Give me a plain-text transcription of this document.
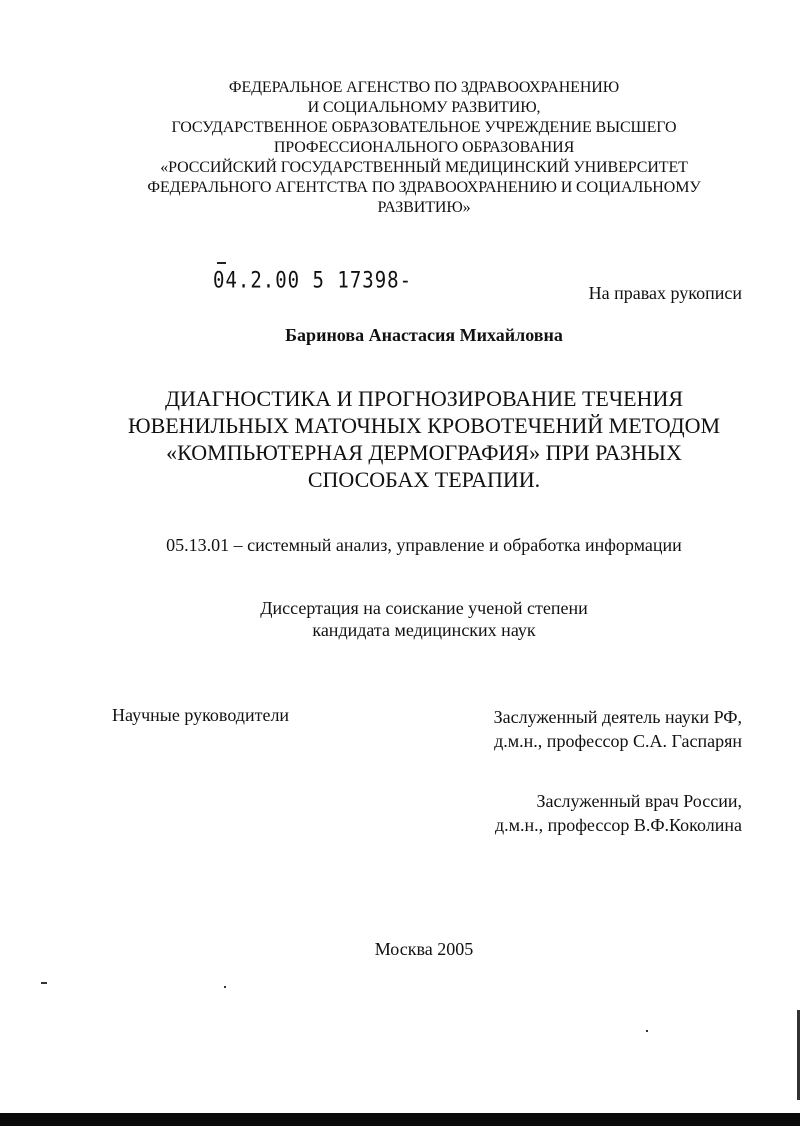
ФЕДЕРАЛЬНОЕ АГЕНСТВО ПО ЗДРАВООХРАНЕНИЮ
И СОЦИАЛЬНОМУ РАЗВИТИЮ,
ГОСУДАРСТВЕННОЕ ОБРАЗОВАТЕЛЬНОЕ УЧРЕЖДЕНИЕ ВЫСШЕГО
ПРОФЕССИОНАЛЬНОГО ОБРАЗОВАНИЯ
«РОССИЙСКИЙ ГОСУДАРСТВЕННЫЙ МЕДИЦИНСКИЙ УНИВЕРСИТЕТ
ФЕДЕРАЛЬНОГО АГЕНТСТВА ПО ЗДРАВООХРАНЕНИЮ И СОЦИАЛЬНОМУ
РАЗВИТИЮ»
04.2.00 5 17398-	На правах рукописи
Баринова Анастасия Михайловна
ДИАГНОСТИКА И ПРОГНОЗИРОВАНИЕ ТЕЧЕНИЯ
ЮВЕНИЛЬНЫХ МАТОЧНЫХ КРОВОТЕЧЕНИЙ МЕТОДОМ
«КОМПЬЮТЕРНАЯ ДЕРМОГРАФИЯ» ПРИ РАЗНЫХ
СПОСОБАХ ТЕРАПИИ.
05.13.01 – системный анализ, управление и обработка информации
Диссертация на соискание ученой степени
кандидата медицинских наук
Научные руководители	Заслуженный деятель науки РФ,
д.м.н., профессор С.А. Гаспарян
Заслуженный врач России,
д.м.н., профессор В.Ф.Коколина
Москва 2005
